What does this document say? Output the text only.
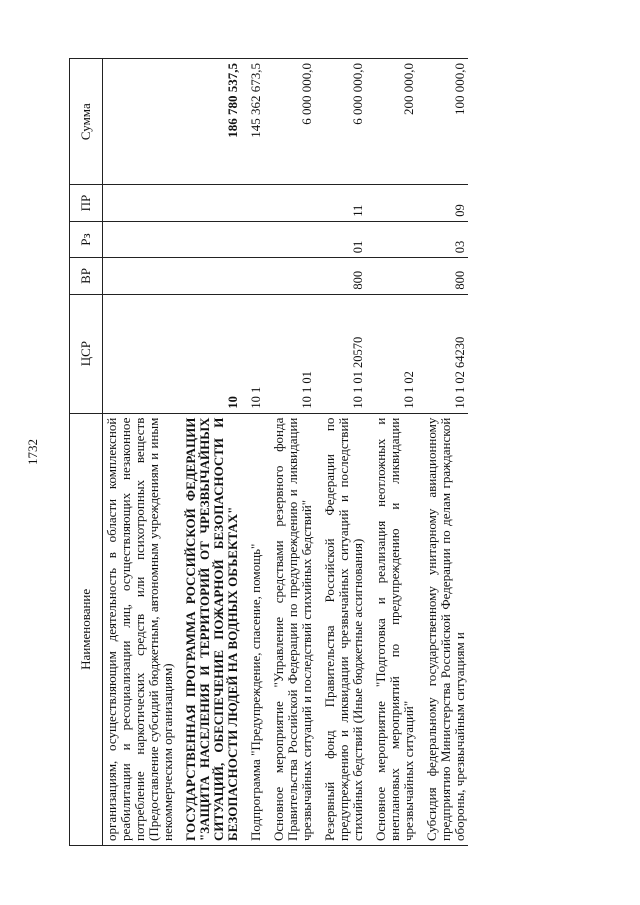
1732
Наименование	ЦСР	ВР	Рз	ПР	Сумма
организациям, осуществляющим деятельность в области комплексной реабилитации и ресоциализации лиц, осуществляющих незаконное потребление наркотических средств или психотропных веществ (Предоставление субсидий бюджетным, автономным учреждениям и иным некоммерческим организациям)					

ГОСУДАРСТВЕННАЯ ПРОГРАММА РОССИЙСКОЙ ФЕДЕРАЦИИ "ЗАЩИТА НАСЕЛЕНИЯ И ТЕРРИТОРИЙ ОТ ЧРЕЗВЫЧАЙНЫХ СИТУАЦИЙ, ОБЕСПЕЧЕНИЕ ПОЖАРНОЙ БЕЗОПАСНОСТИ И БЕЗОПАСНОСТИ ЛЮДЕЙ НА ВОДНЫХ ОБЪЕКТАХ"	10				186 780 537,5

Подпрограмма "Предупреждение, спасение, помощь"	10 1				145 362 673,5

Основное мероприятие "Управление средствами резервного фонда Правительства Российской Федерации по предупреждению и ликвидации чрезвычайных ситуаций и последствий стихийных бедствий"	10 1 01				6 000 000,0

Резервный фонд Правительства Российской Федерации по предупреждению и ликвидации чрезвычайных ситуаций и последствий стихийных бедствий (Иные бюджетные ассигнования)	10 1 01 20570	800	01	11	6 000 000,0

Основное мероприятие "Подготовка и реализация неотложных и внеплановых мероприятий по предупреждению и ликвидации чрезвычайных ситуаций"	10 1 02				200 000,0

Субсидия федеральному государственному унитарному авиационному предприятию Министерства Российской Федерации по делам гражданской обороны, чрезвычайным ситуациям и	10 1 02 64230	800	03	09	100 000,0
